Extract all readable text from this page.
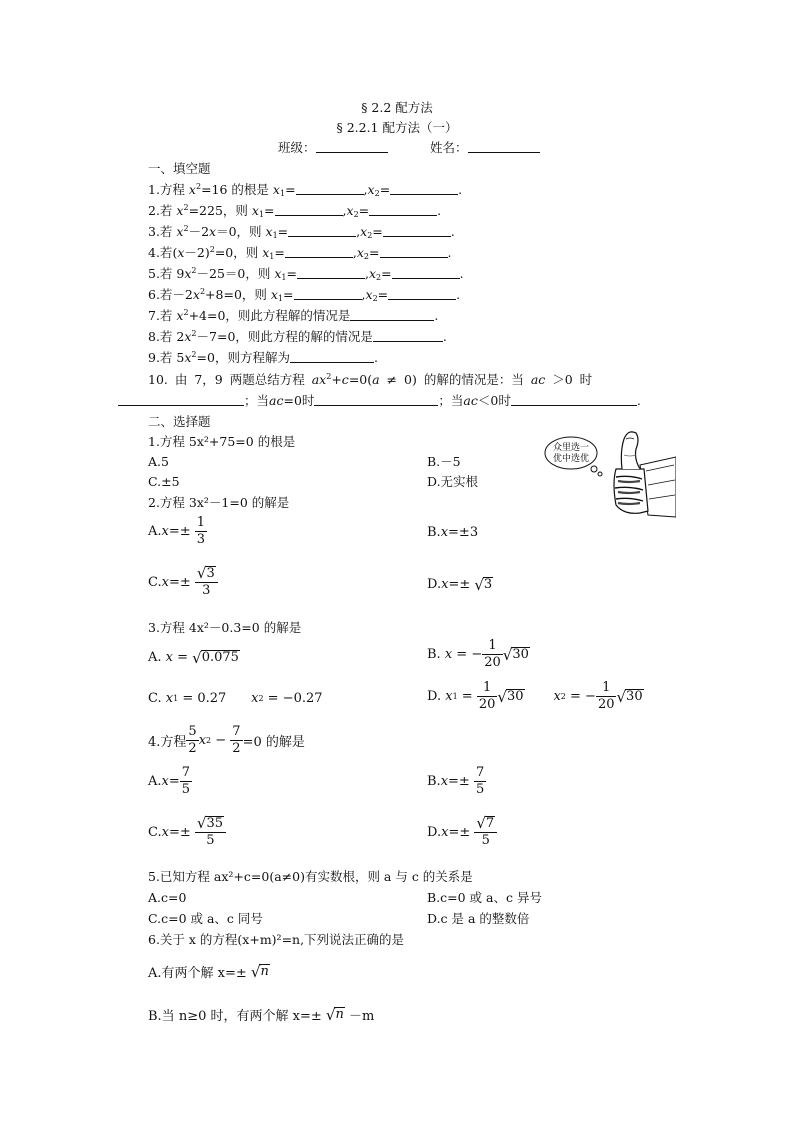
§ 2.2 配方法
§ 2.2.1 配方法（一）
班级：	姓名：
一、填空题
1.方程 $x^2=16$ 的根是 $x_1=$	$,x_2=$	.
2.若 $x^2=225$，则 $x_1=$	$,x_2=$	.
3.若 $x^2-2x=0$，则 $x_1=$	$,x_2=$	.
4.若$(x-2)^2=0$，则 $x_1=$	$,x_2=$	.
5.若 $9x^2-25=0$，则 $x_1=$	$,x_2=$	.
6.若$-2x^2+8=0$，则 $x_1=$	$,x_2=$	.
7.若 $x^2+4=0$，则此方程解的情况是	.
8.若 $2x^2-7=0$，则此方程的解的情况是	.
9.若 $5x^2=0$，则方程解为	.
10. 由 7，9 两题总结方程 $ax^2+c=0(a \ne 0)$ 的解的情况是：当 ac ＞0 时
；当ac=0时	；当ac＜0时	.
二、选择题
1.方程 5x²+75=0 的根是
A.5	B.－5
C.±5	D.无实根
2.方程 3x²－1=0 的解是
A. $x =\pm \frac{1}{3}$	B. x =±3
C. $x =\pm \frac{√3}{3}$	D. x =± √ 3
3.方程 4x²－0.3=0 的解是
A. x = √ 0.075	B. x = − $\frac{1}{20}$ √ 30
C. x 1 = 0.27 x 2 = −0.27	D. x $1 = \frac{1}{20}$ √ 30
x 2 = − $\frac{1}{20}$ √ 30
4.方程 $\frac{5}{2}$ x $2 - \frac{7}{2} =0$ 的解是
A. $x = \frac{7}{5}$	B. $x =\pm \frac{7}{5}$
C. $x =\pm \frac{√35}{5}$	D. $x =\pm \frac{√7}{5}$
5.已知方程 ax²+c=0(a≠0)有实数根，则 a 与 c 的关系是
A.c=0	B.c=0 或 a、c 异号
C.c=0 或 a、c 同号	D.c 是 a 的整数倍
6.关于 x 的方程(x+m)²=n,下列说法正确的是
A.有两个解 x=±
√ n
B.当 n≥0 时，有两个解 x=±
√ n
－m
众里选一
优中选优
